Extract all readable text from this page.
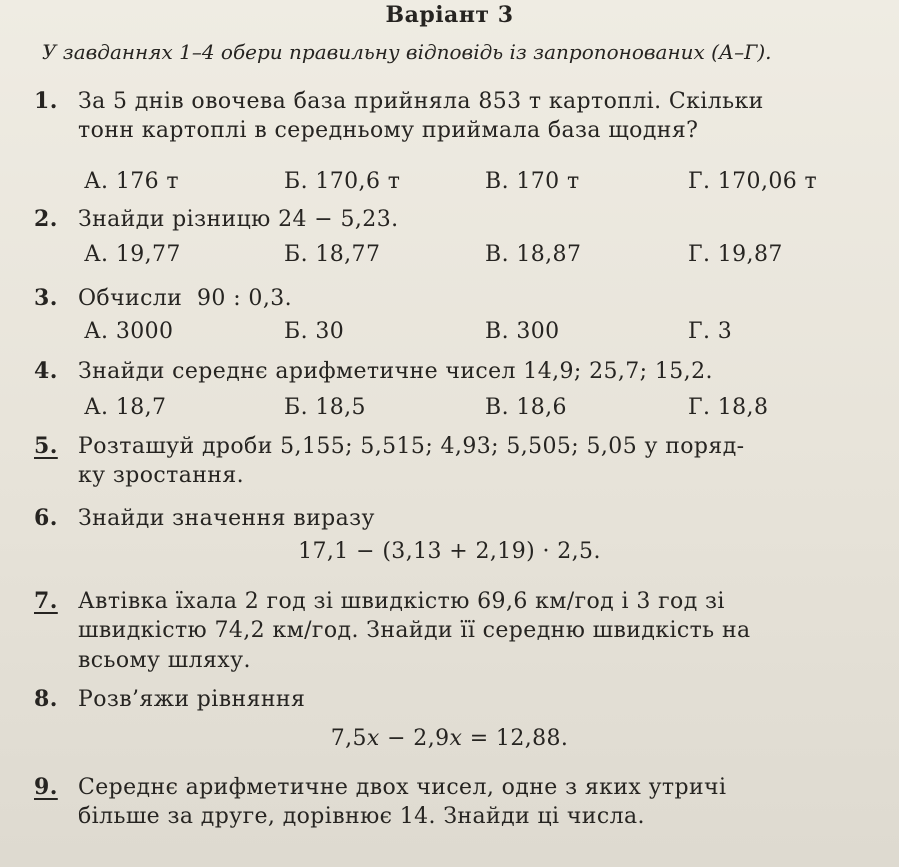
Варіант 3
У завданнях 1–4 обери правильну відповідь із запропонованих (А–Г).
1. За 5 днів овочева база прийняла 853 т картоплі. Скільки
тонн картоплі в середньому приймала база щодня?
А. 176 т	Б. 170,6 т	В. 170 т	Г. 170,06 т
2. Знайди різницю 24 − 5,23.
А. 19,77	Б. 18,77	В. 18,87	Г. 19,87
3. Обчисли  90 : 0,3.
А. 3000	Б. 30	В. 300	Г. 3
4. Знайди середнє арифметичне чисел 14,9; 25,7; 15,2.
А. 18,7	Б. 18,5	В. 18,6	Г. 18,8
5. Розташуй дроби 5,155; 5,515; 4,93; 5,505; 5,05 у поряд-
ку зростання.
6. Знайди значення виразу
17,1 − (3,13 + 2,19) · 2,5.
7. Автівка їхала 2 год зі швидкістю 69,6 км/год і 3 год зі
швидкістю 74,2 км/год. Знайди її середню швидкість на
всьому шляху.
8. Розв’яжи рівняння
7,5x − 2,9x = 12,88.
9. Середнє арифметичне двох чисел, одне з яких утричі
більше за друге, дорівнює 14. Знайди ці числа.
